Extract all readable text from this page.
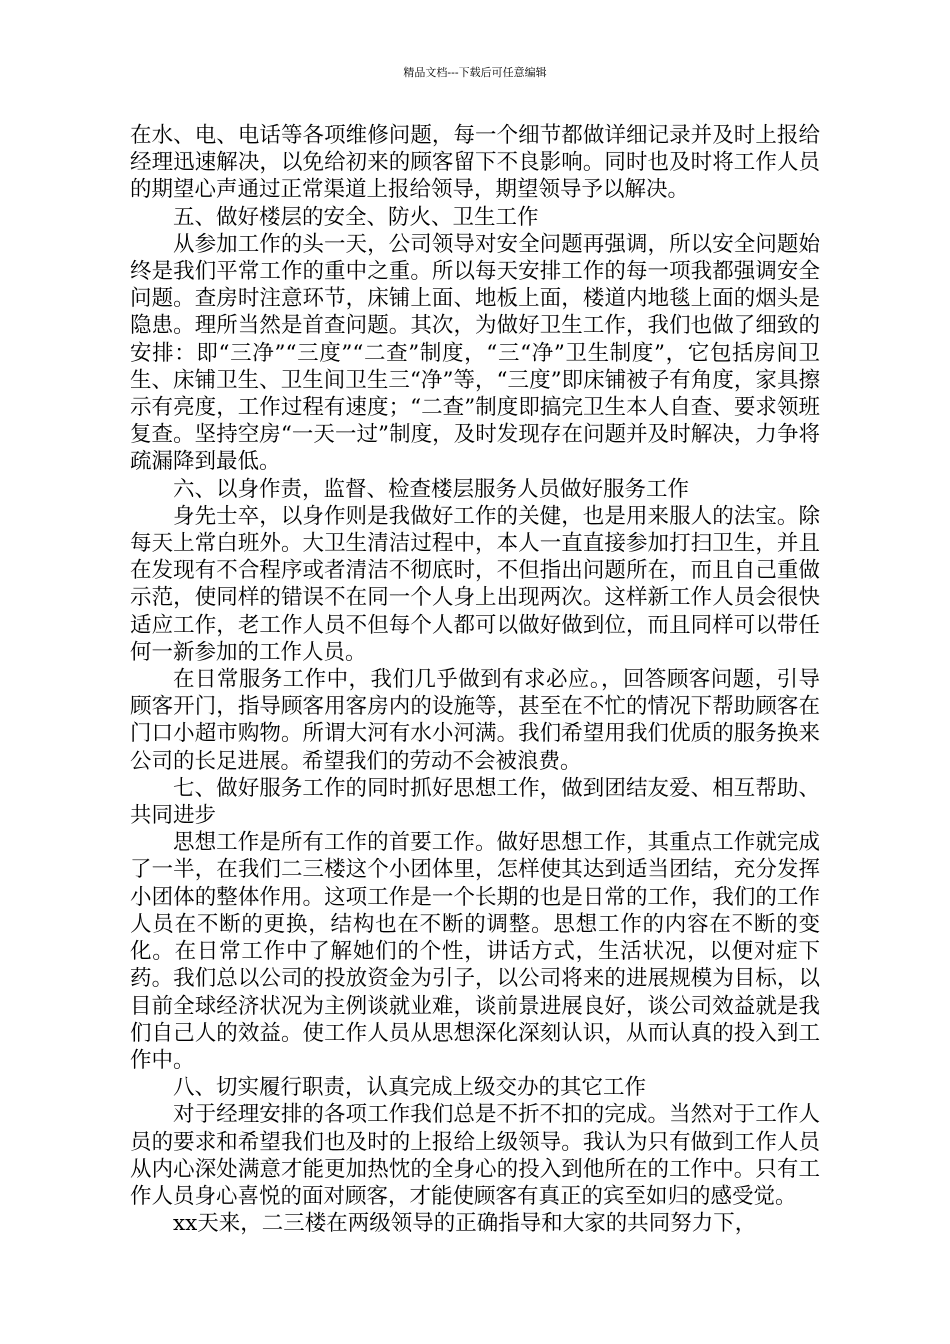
精品文档---下载后可任意编辑

在水、电、电话等各项维修问题，每一个细节都做详细记录并及时上报给经理迅速解决，以免给初来的顾客留下不良影响。同时也及时将工作人员的期望心声通过正常渠道上报给领导，期望领导予以解决。

五、做好楼层的安全、防火、卫生工作

从参加工作的头一天，公司领导对安全问题再强调，所以安全问题始终是我们平常工作的重中之重。所以每天安排工作的每一项我都强调安全问题。查房时注意环节，床铺上面、地板上面，楼道内地毯上面的烟头是隐患。理所当然是首查问题。其次，为做好卫生工作，我们也做了细致的安排：即“三净”“三度”“二查”制度，“三“净”卫生制度”，它包括房间卫生、床铺卫生、卫生间卫生三“净”等，“三度”即床铺被子有角度，家具擦示有亮度，工作过程有速度；“二查”制度即搞完卫生本人自查、要求领班复查。坚持空房“一天一过”制度，及时发现存在问题并及时解决，力争将疏漏降到最低。

六、以身作责，监督、检查楼层服务人员做好服务工作

身先士卒，以身作则是我做好工作的关健，也是用来服人的法宝。除每天上常白班外。大卫生清洁过程中，本人一直直接参加打扫卫生，并且在发现有不合程序或者清洁不彻底时，不但指出问题所在，而且自己重做示范，使同样的错误不在同一个人身上出现两次。这样新工作人员会很快适应工作，老工作人员不但每个人都可以做好做到位，而且同样可以带任何一新参加的工作人员。

在日常服务工作中，我们几乎做到有求必应。，回答顾客问题，引导顾客开门，指导顾客用客房内的设施等，甚至在不忙的情况下帮助顾客在门口小超市购物。所谓大河有水小河满。我们希望用我们优质的服务换来公司的长足进展。希望我们的劳动不会被浪费。

七、做好服务工作的同时抓好思想工作，做到团结友爱、相互帮助、共同进步

思想工作是所有工作的首要工作。做好思想工作，其重点工作就完成了一半，在我们二三楼这个小团体里，怎样使其达到适当团结，充分发挥小团体的整体作用。这项工作是一个长期的也是日常的工作，我们的工作人员在不断的更换，结构也在不断的调整。思想工作的内容在不断的变化。在日常工作中了解她们的个性，讲话方式，生活状况，以便对症下药。我们总以公司的投放资金为引子，以公司将来的进展规模为目标，以目前全球经济状况为主例谈就业难，谈前景进展良好，谈公司效益就是我们自己人的效益。使工作人员从思想深化深刻认识，从而认真的投入到工作中。

八、切实履行职责，认真完成上级交办的其它工作

对于经理安排的各项工作我们总是不折不扣的完成。当然对于工作人员的要求和希望我们也及时的上报给上级领导。我认为只有做到工作人员从内心深处满意才能更加热忱的全身心的投入到他所在的工作中。只有工作人员身心喜悦的面对顾客，才能使顾客有真正的宾至如归的感受觉。

xx天来，二三楼在两级领导的正确指导和大家的共同努力下，
